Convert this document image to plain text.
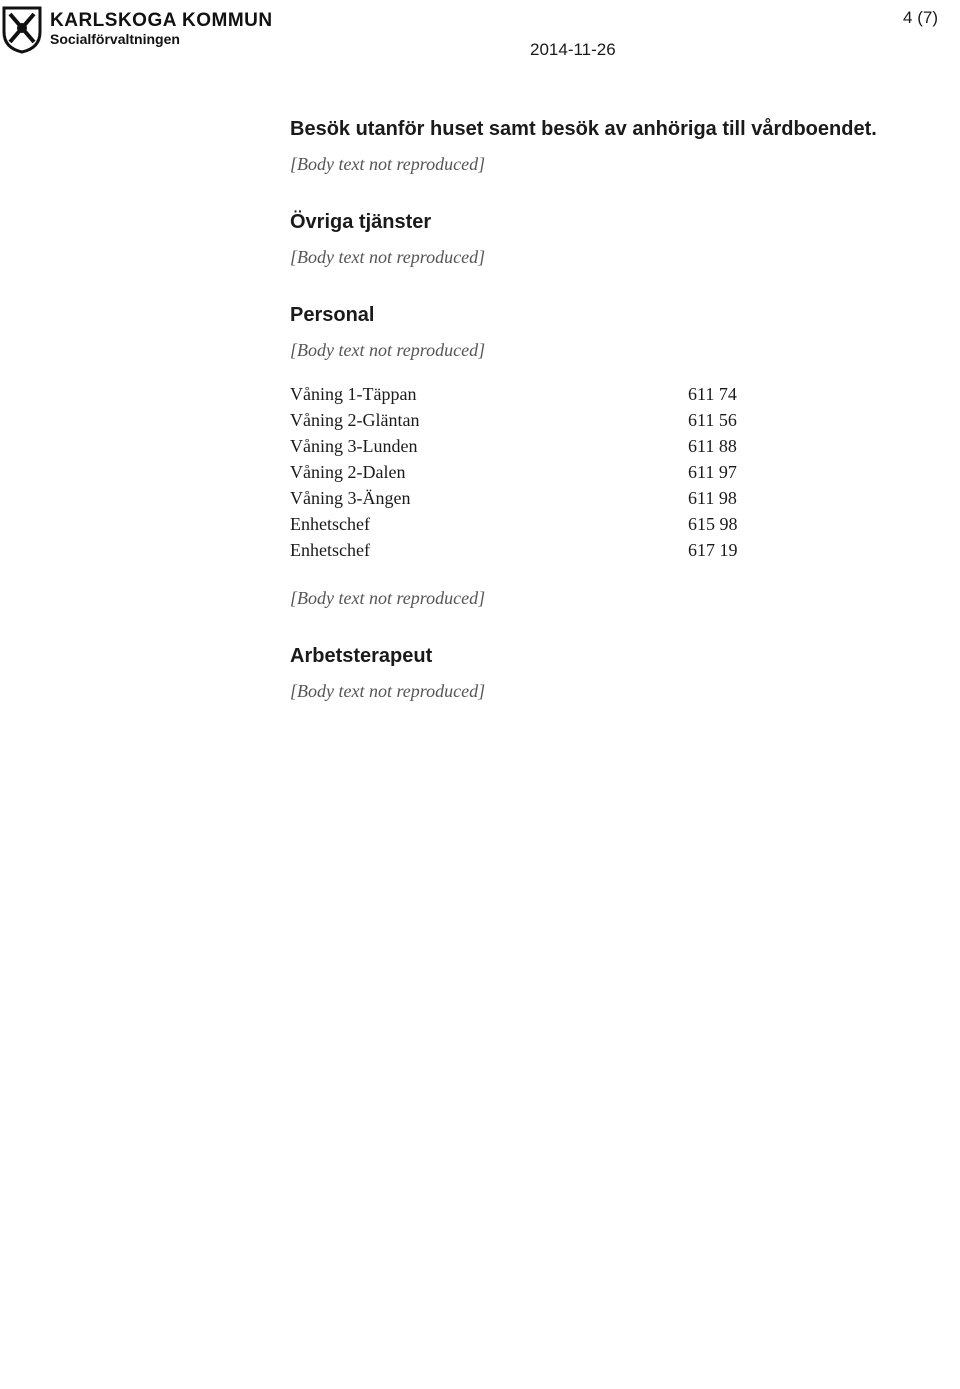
KARLSKOGA KOMMUN
Socialförvaltningen
4 (7)
2014-11-26
Besök utanför huset samt besök av anhöriga till vårdboendet.

[Body text not reproduced]

Övriga tjänster

[Body text not reproduced]

Personal

[Body text not reproduced]

Våning 1-Täppan	611 74
Våning 2-Gläntan	611 56
Våning 3-Lunden	611 88
Våning 2-Dalen	611 97
Våning 3-Ängen	611 98
Enhetschef	615 98
Enhetschef	617 19

[Body text not reproduced]

Arbetsterapeut

[Body text not reproduced]
